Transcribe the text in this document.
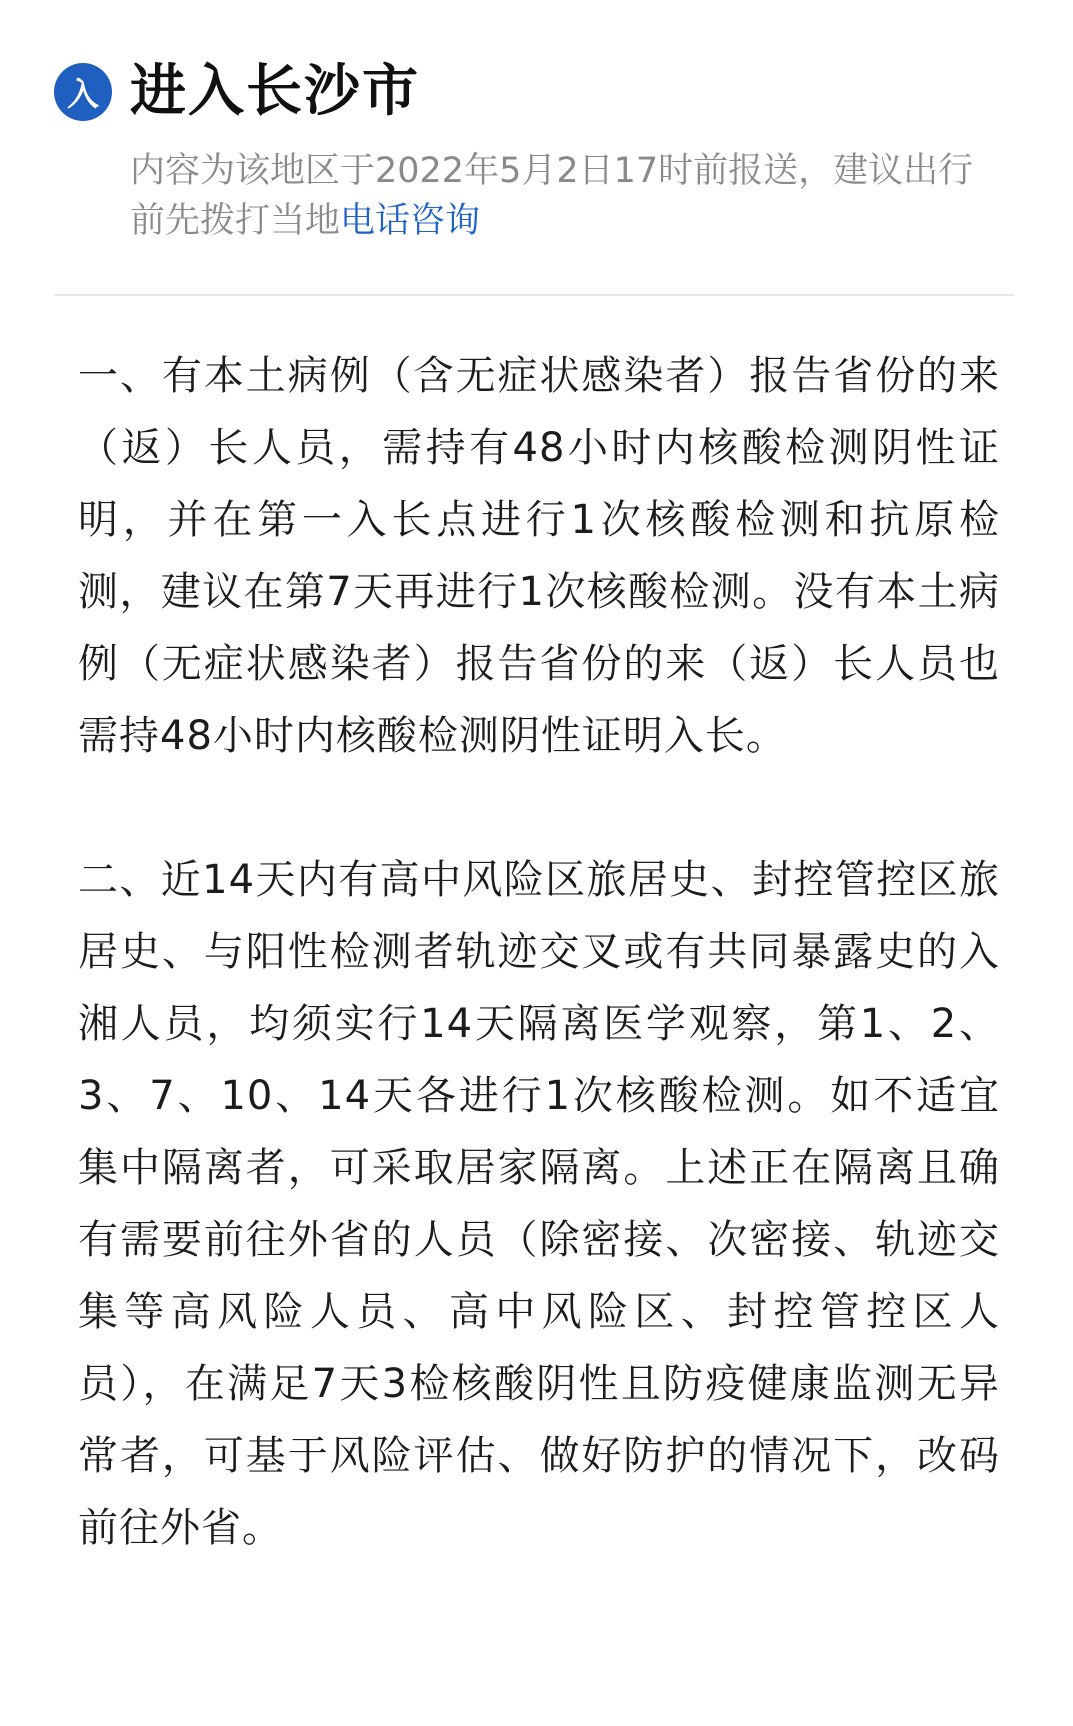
入 进入长沙市
内容为该地区于2022年5月2日17时前报送，建议出行前先拨打当地电话咨询

一、有本土病例（含无症状感染者）报告省份的来（返）长人员，需持有48小时内核酸检测阴性证明，并在第一入长点进行1次核酸检测和抗原检测，建议在第7天再进行1次核酸检测。没有本土病例（无症状感染者）报告省份的来（返）长人员也需持48小时内核酸检测阴性证明入长。

二、近14天内有高中风险区旅居史、封控管控区旅居史、与阳性检测者轨迹交叉或有共同暴露史的入湘人员，均须实行14天隔离医学观察，第1、2、3、7、10、14天各进行1次核酸检测。如不适宜集中隔离者，可采取居家隔离。上述正在隔离且确有需要前往外省的人员（除密接、次密接、轨迹交集等高风险人员、高中风险区、封控管控区人员），在满足7天3检核酸阴性且防疫健康监测无异常者，可基于风险评估、做好防护的情况下，改码前往外省。
